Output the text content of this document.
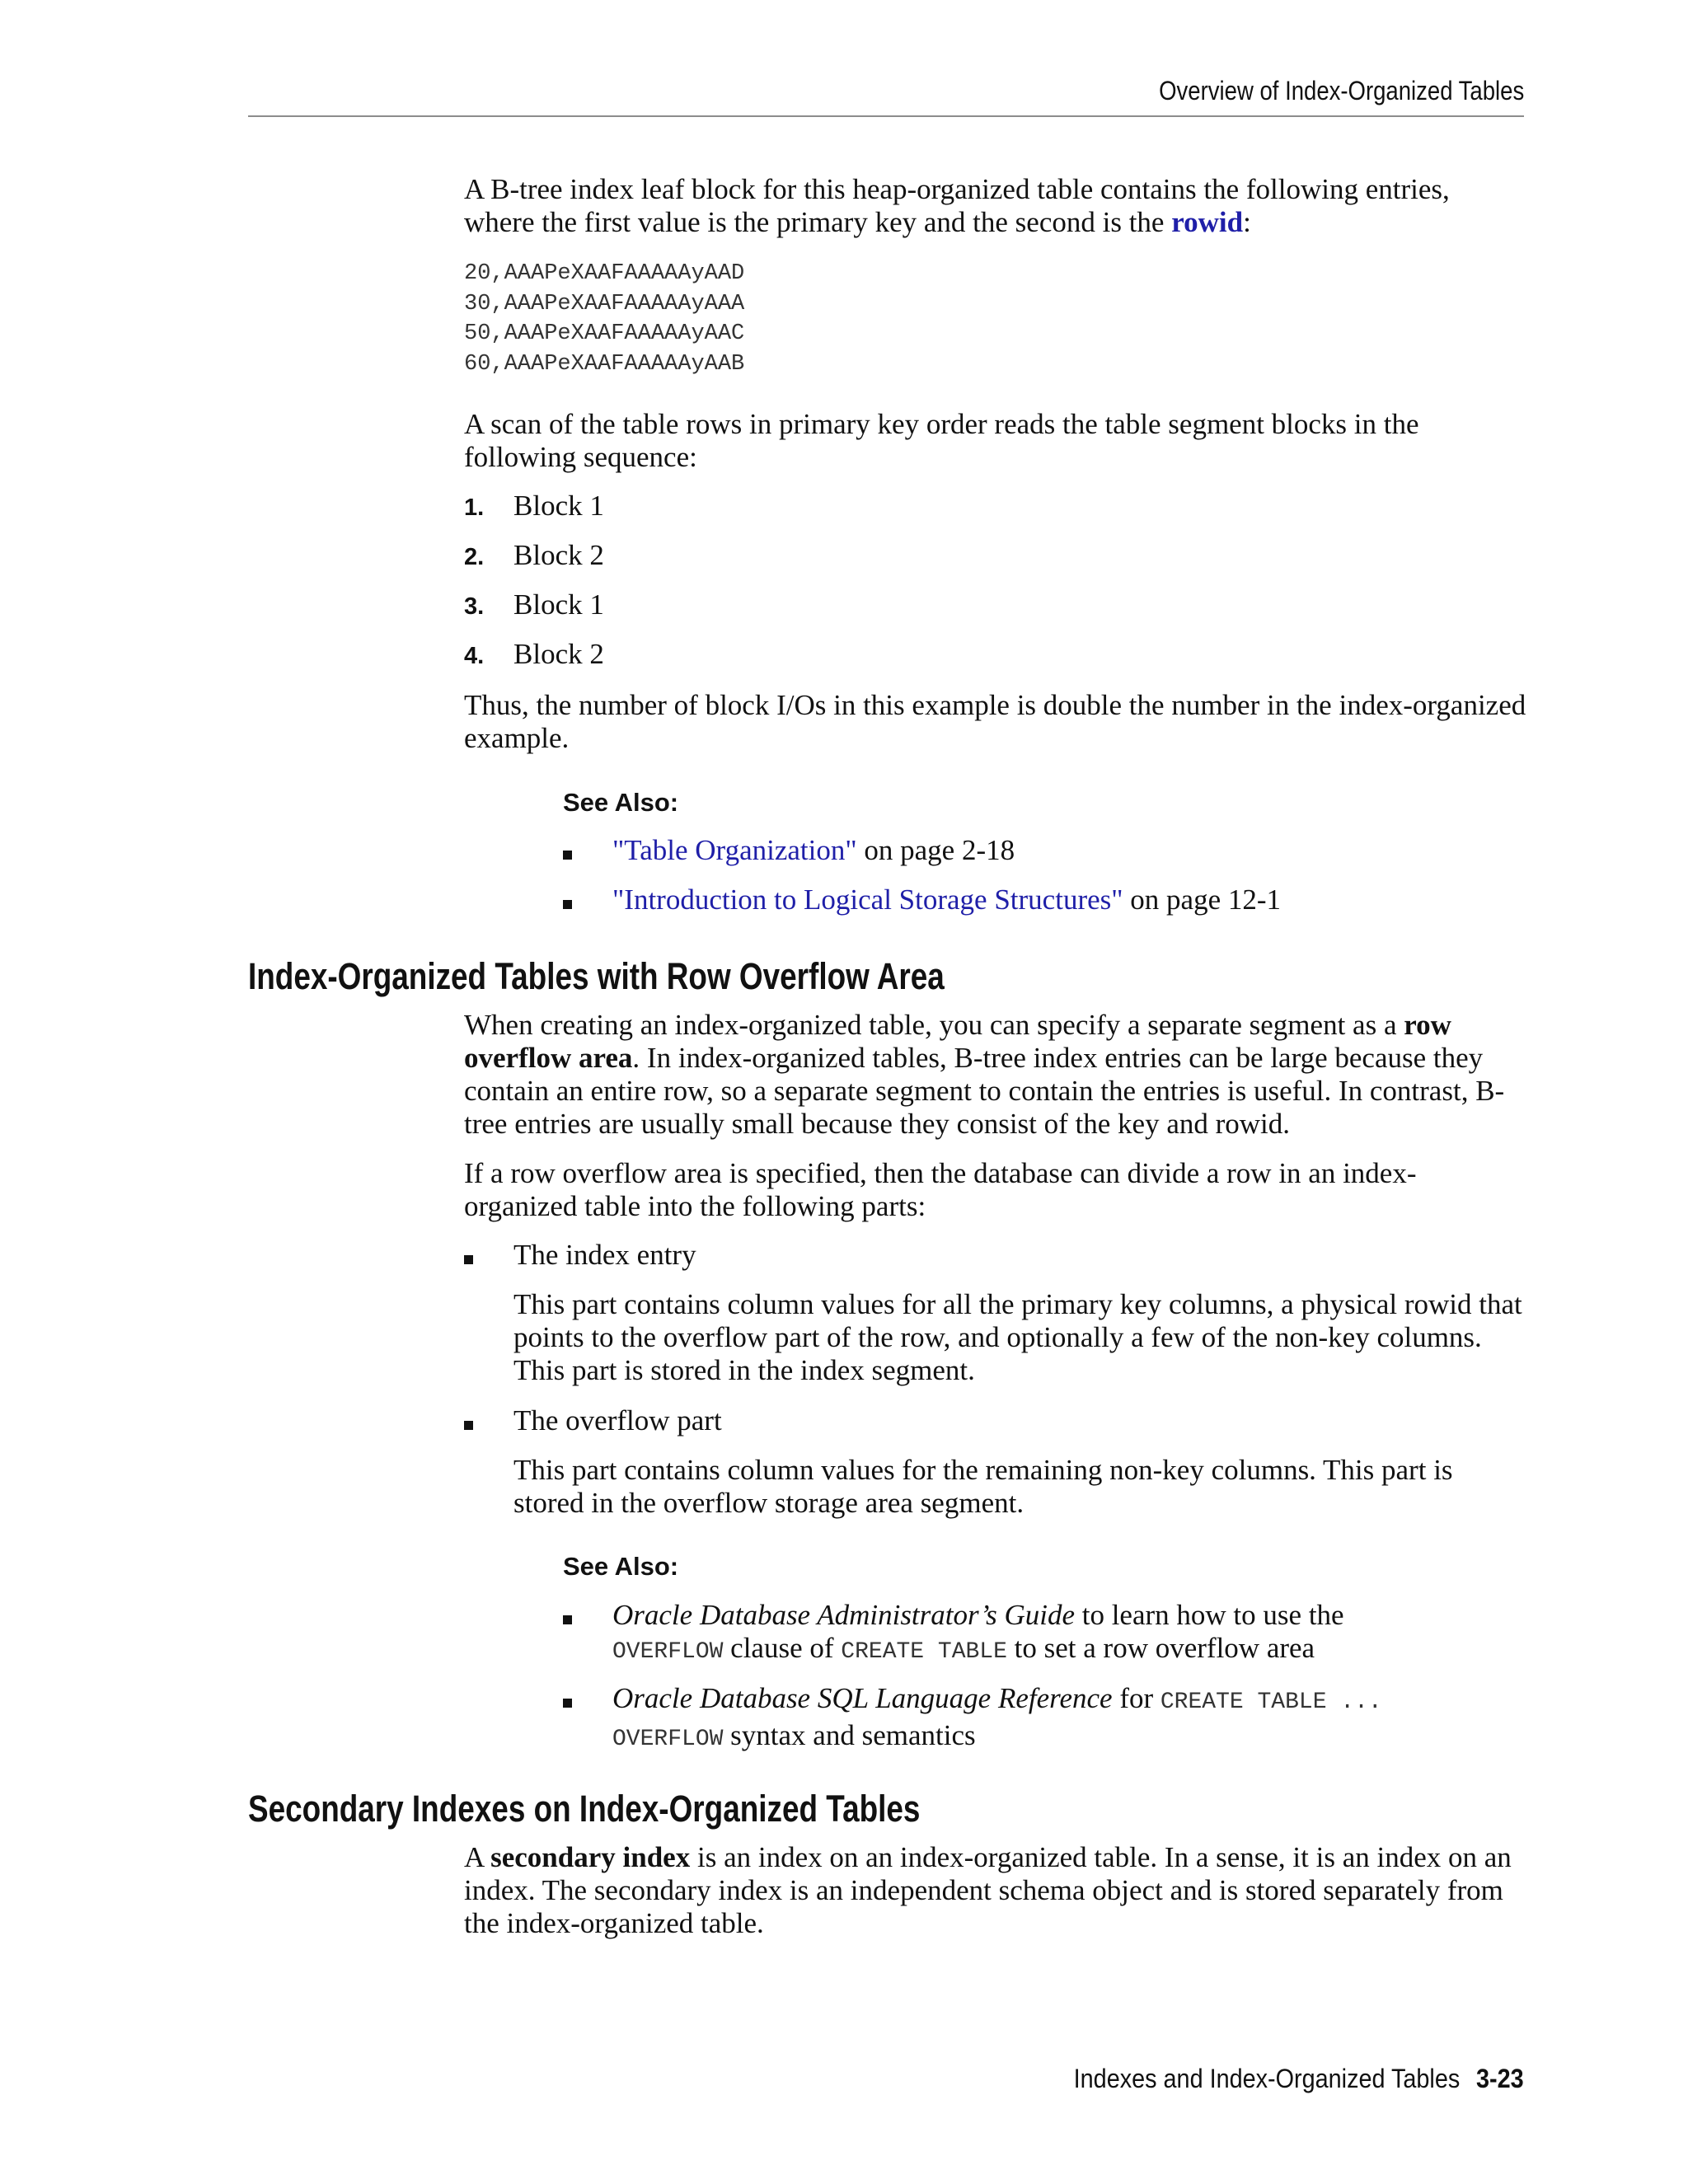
Overview of Index-Organized Tables

A B-tree index leaf block for this heap-organized table contains the following entries, where the first value is the primary key and the second is the rowid:

20,AAAPeXAAFAAAAAyAAD
30,AAAPeXAAFAAAAAyAAA
50,AAAPeXAAFAAAAAyAAC
60,AAAPeXAAFAAAAAyAAB

A scan of the table rows in primary key order reads the table segment blocks in the following sequence:

1. Block 1
2. Block 2
3. Block 1
4. Block 2

Thus, the number of block I/Os in this example is double the number in the index-organized example.

See Also:

"Table Organization" on page 2-18

"Introduction to Logical Storage Structures" on page 12-1

Index-Organized Tables with Row Overflow Area

When creating an index-organized table, you can specify a separate segment as a row overflow area. In index-organized tables, B-tree index entries can be large because they contain an entire row, so a separate segment to contain the entries is useful. In contrast, B-tree entries are usually small because they consist of the key and rowid.

If a row overflow area is specified, then the database can divide a row in an index-organized table into the following parts:

The index entry

This part contains column values for all the primary key columns, a physical rowid that points to the overflow part of the row, and optionally a few of the non-key columns. This part is stored in the index segment.

The overflow part

This part contains column values for the remaining non-key columns. This part is stored in the overflow storage area segment.

See Also:

Oracle Database Administrator’s Guide to learn how to use the

OVERFLOW clause of CREATE TABLE to set a row overflow area

Oracle Database SQL Language Reference for CREATE TABLE ...

OVERFLOW syntax and semantics

Secondary Indexes on Index-Organized Tables

A secondary index is an index on an index-organized table. In a sense, it is an index on an index. The secondary index is an independent schema object and is stored separately from the index-organized table.

Indexes and Index-Organized Tables 3-23
